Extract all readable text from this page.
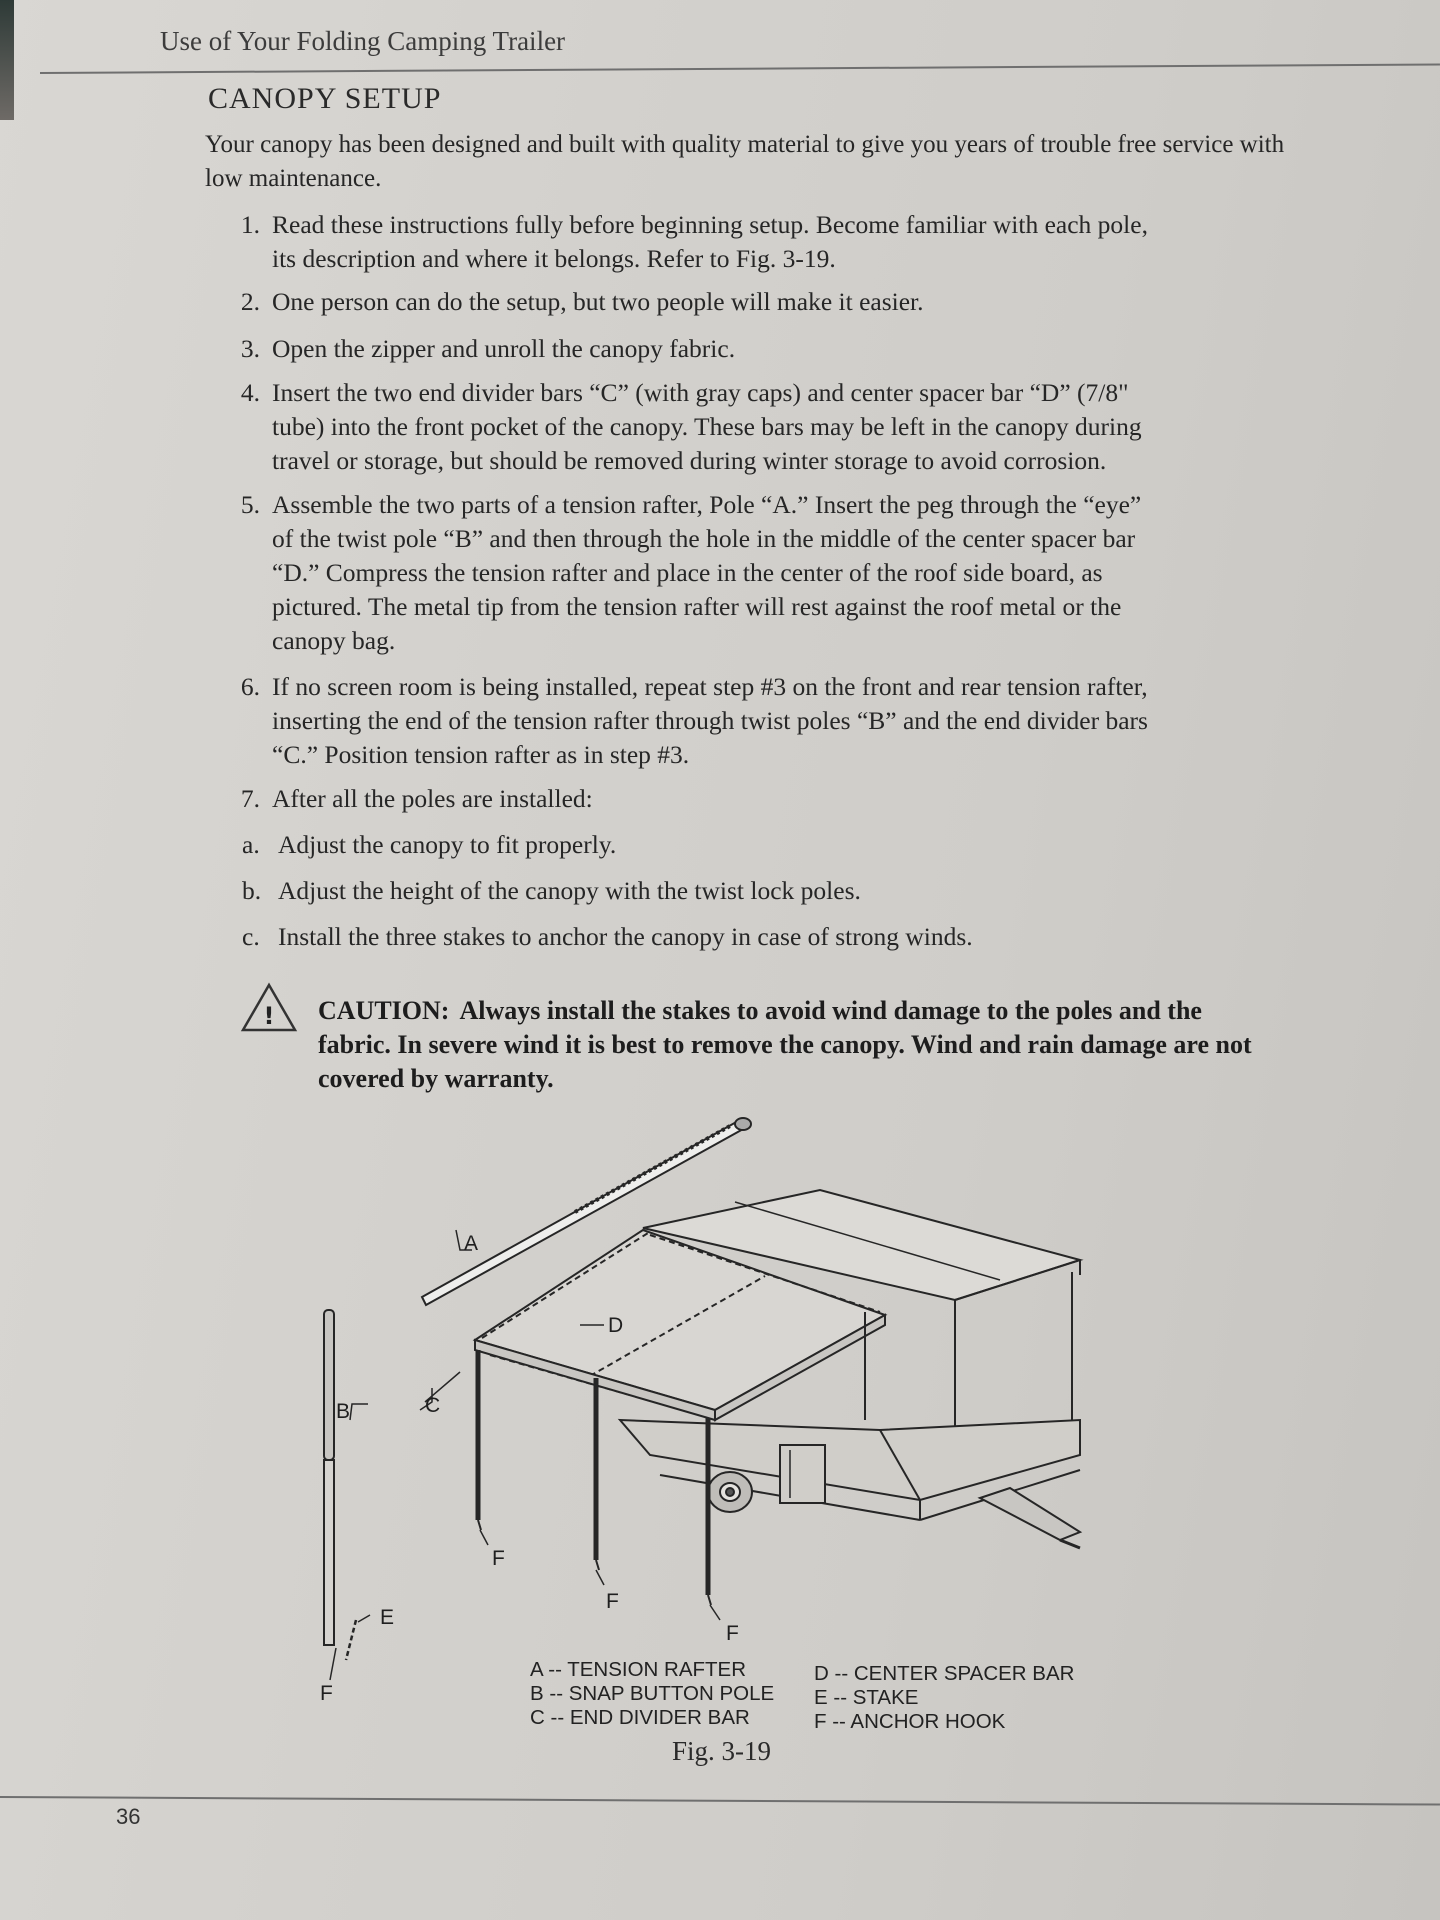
Use of Your Folding Camping Trailer
CANOPY SETUP
Your canopy has been designed and built with quality material to give you years of trouble free service with low maintenance.
1. Read these instructions fully before beginning setup. Become familiar with each pole,
its description and where it belongs. Refer to Fig. 3-19.
2. One person can do the setup, but two people will make it easier.
3. Open the zipper and unroll the canopy fabric.
4. Insert the two end divider bars “C” (with gray caps) and center spacer bar “D” (7/8"
tube) into the front pocket of the canopy. These bars may be left in the canopy during
travel or storage, but should be removed during winter storage to avoid corrosion.
5. Assemble the two parts of a tension rafter, Pole “A.” Insert the peg through the “eye”
of the twist pole “B” and then through the hole in the middle of the center spacer bar
“D.” Compress the tension rafter and place in the center of the roof side board, as
pictured. The metal tip from the tension rafter will rest against the roof metal or the
canopy bag.
6. If no screen room is being installed, repeat step #3 on the front and rear tension rafter,
inserting the end of the tension rafter through twist poles “B” and the end divider bars
“C.” Position tension rafter as in step #3.
7. After all the poles are installed:
a. Adjust the canopy to fit properly.
b. Adjust the height of the canopy with the twist lock poles.
c. Install the three stakes to anchor the canopy in case of strong winds.
! CAUTION: Always install the stakes to avoid wind damage to the poles and the fabric. In severe wind it is best to remove the canopy. Wind and rain damage are not covered by warranty.
A
C
B
D
E
F
F
F
F
A -- TENSION RAFTER
B -- SNAP BUTTON POLE
C -- END DIVIDER BAR
D -- CENTER SPACER BAR
E -- STAKE
F -- ANCHOR HOOK
Fig. 3-19
36
